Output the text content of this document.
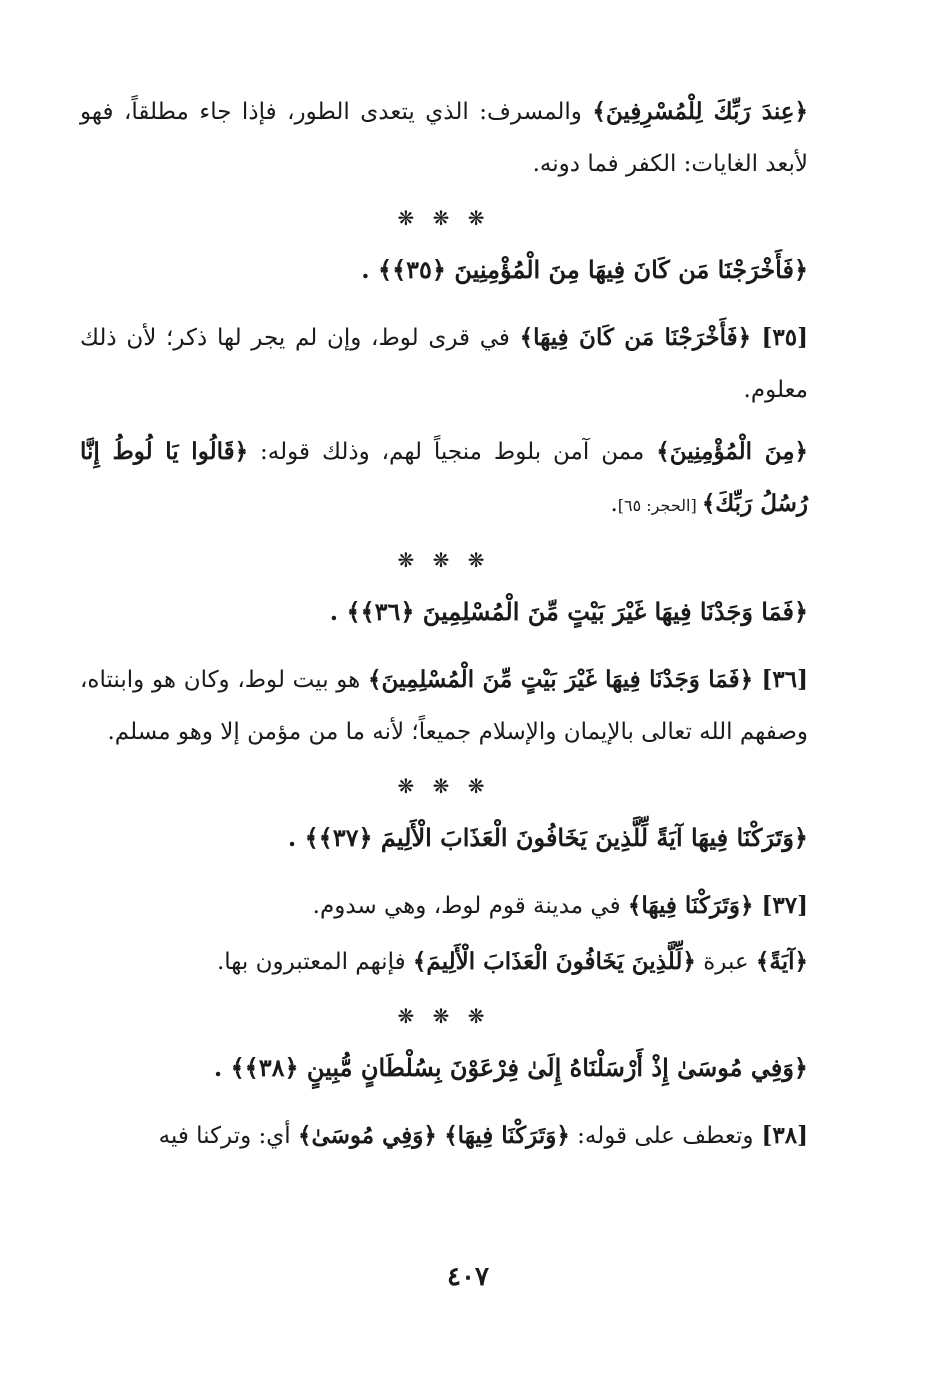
﴿عِندَ رَبِّكَ لِلْمُسْرِفِينَ﴾ والمسرف: الذي يتعدى الطور، فإذا جاء مطلقاً، فهو لأبعد الغايات: الكفر فما دونه.
❋ ❋ ❋
﴿فَأَخْرَجْنَا مَن كَانَ فِيهَا مِنَ الْمُؤْمِنِينَ ﴿٣٥﴾﴾ .
[٣٥] ﴿فَأَخْرَجْنَا مَن كَانَ فِيهَا﴾ في قرى لوط، وإن لم يجر لها ذكر؛ لأن ذلك معلوم.
﴿مِنَ الْمُؤْمِنِينَ﴾ ممن آمن بلوط منجياً لهم، وذلك قوله: ﴿قَالُوا يَا لُوطُ إِنَّا رُسُلُ رَبِّكَ﴾ [الحجر: ٦٥].
❋ ❋ ❋
﴿فَمَا وَجَدْنَا فِيهَا غَيْرَ بَيْتٍ مِّنَ الْمُسْلِمِينَ ﴿٣٦﴾﴾ .
[٣٦] ﴿فَمَا وَجَدْنَا فِيهَا غَيْرَ بَيْتٍ مِّنَ الْمُسْلِمِينَ﴾ هو بيت لوط، وكان هو وابنتاه، وصفهم الله تعالى بالإيمان والإسلام جميعاً؛ لأنه ما من مؤمن إلا وهو مسلم.
❋ ❋ ❋
﴿وَتَرَكْنَا فِيهَا آيَةً لِّلَّذِينَ يَخَافُونَ الْعَذَابَ الْأَلِيمَ ﴿٣٧﴾﴾ .
[٣٧] ﴿وَتَرَكْنَا فِيهَا﴾ في مدينة قوم لوط، وهي سدوم.
﴿آيَةً﴾ عبرة ﴿لِّلَّذِينَ يَخَافُونَ الْعَذَابَ الْأَلِيمَ﴾ فإنهم المعتبرون بها.
❋ ❋ ❋
﴿وَفِي مُوسَىٰ إِذْ أَرْسَلْنَاهُ إِلَىٰ فِرْعَوْنَ بِسُلْطَانٍ مُّبِينٍ ﴿٣٨﴾﴾ .
[٣٨] وتعطف على قوله: ﴿وَتَرَكْنَا فِيهَا﴾ ﴿وَفِي مُوسَىٰ﴾ أي: وتركنا فيه
٤٠٧
